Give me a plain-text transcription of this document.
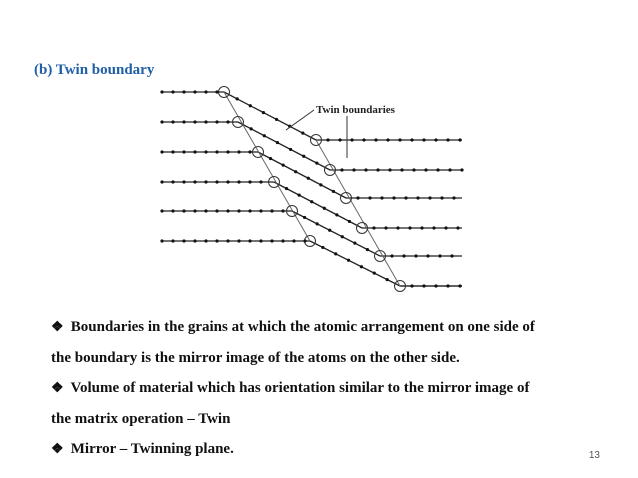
(b) Twin boundary
Twin boundaries
❖ Boundaries in the grains at which the atomic arrangement on one side of
the boundary is the mirror image of the atoms on the other side.
❖ Volume of material which has orientation similar to the mirror image of
the matrix operation – Twin
❖ Mirror – Twinning plane.	13
